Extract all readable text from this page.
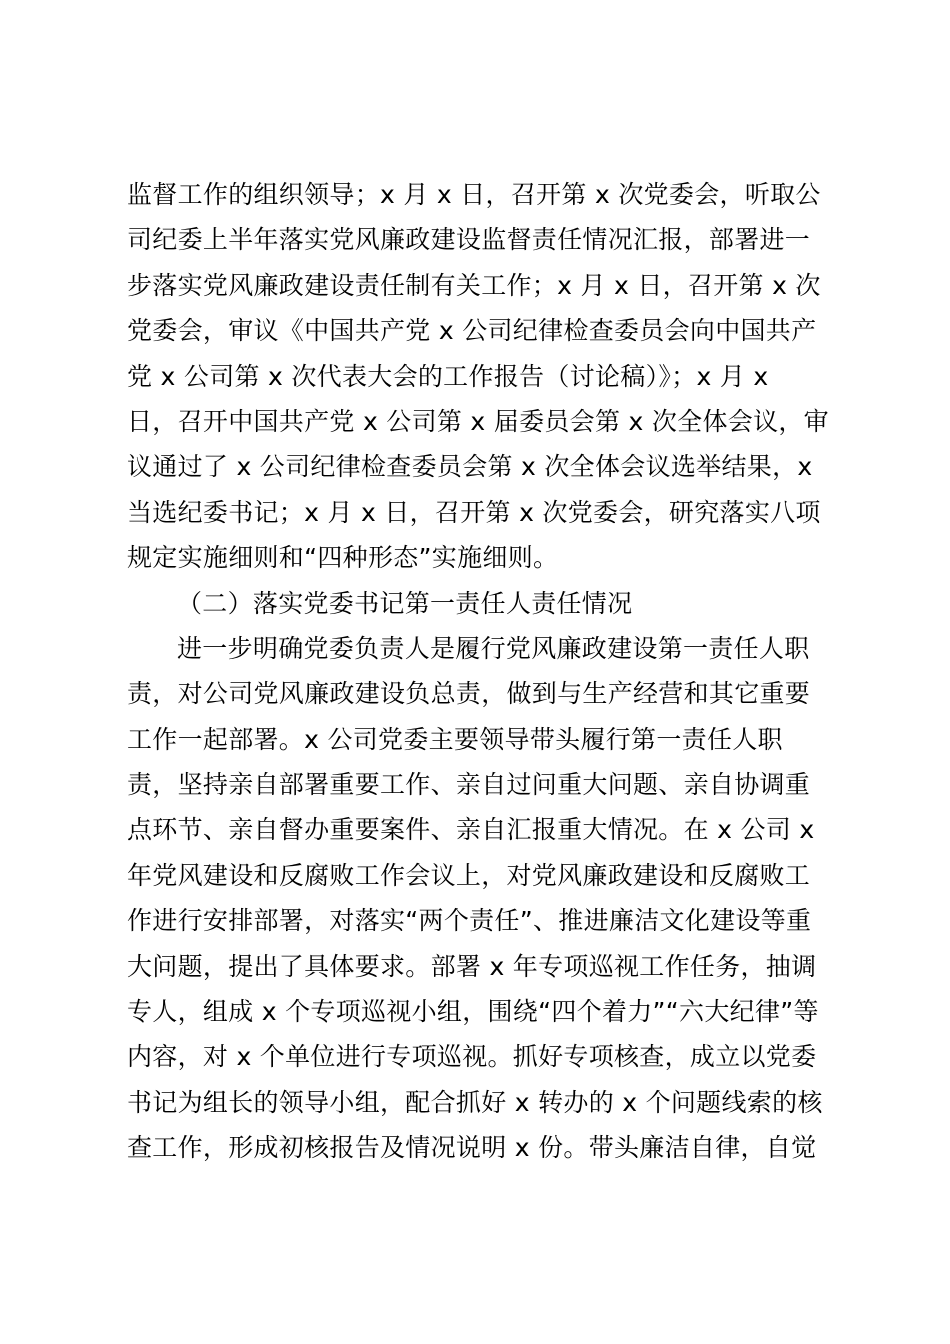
监督工作的组织领导；x 月 x 日，召开第 x 次党委会，听取公
司纪委上半年落实党风廉政建设监督责任情况汇报，部署进一
步落实党风廉政建设责任制有关工作；x 月 x 日，召开第 x 次
党委会，审议《中国共产党 x 公司纪律检查委员会向中国共产
党 x 公司第 x 次代表大会的工作报告（讨论稿）》；x 月 x
日，召开中国共产党 x 公司第 x 届委员会第 x 次全体会议，审
议通过了 x 公司纪律检查委员会第 x 次全体会议选举结果，x
当选纪委书记；x 月 x 日，召开第 x 次党委会，研究落实八项
规定实施细则和“四种形态”实施细则。
（二）落实党委书记第一责任人责任情况
进一步明确党委负责人是履行党风廉政建设第一责任人职
责，对公司党风廉政建设负总责，做到与生产经营和其它重要
工作一起部署。x 公司党委主要领导带头履行第一责任人职
责，坚持亲自部署重要工作、亲自过问重大问题、亲自协调重
点环节、亲自督办重要案件、亲自汇报重大情况。在 x 公司 x
年党风建设和反腐败工作会议上，对党风廉政建设和反腐败工
作进行安排部署，对落实“两个责任”、推进廉洁文化建设等重
大问题，提出了具体要求。部署 x 年专项巡视工作任务，抽调
专人，组成 x 个专项巡视小组，围绕“四个着力”“六大纪律”等
内容，对 x 个单位进行专项巡视。抓好专项核查，成立以党委
书记为组长的领导小组，配合抓好 x 转办的 x 个问题线索的核
查工作，形成初核报告及情况说明 x 份。带头廉洁自律，自觉
